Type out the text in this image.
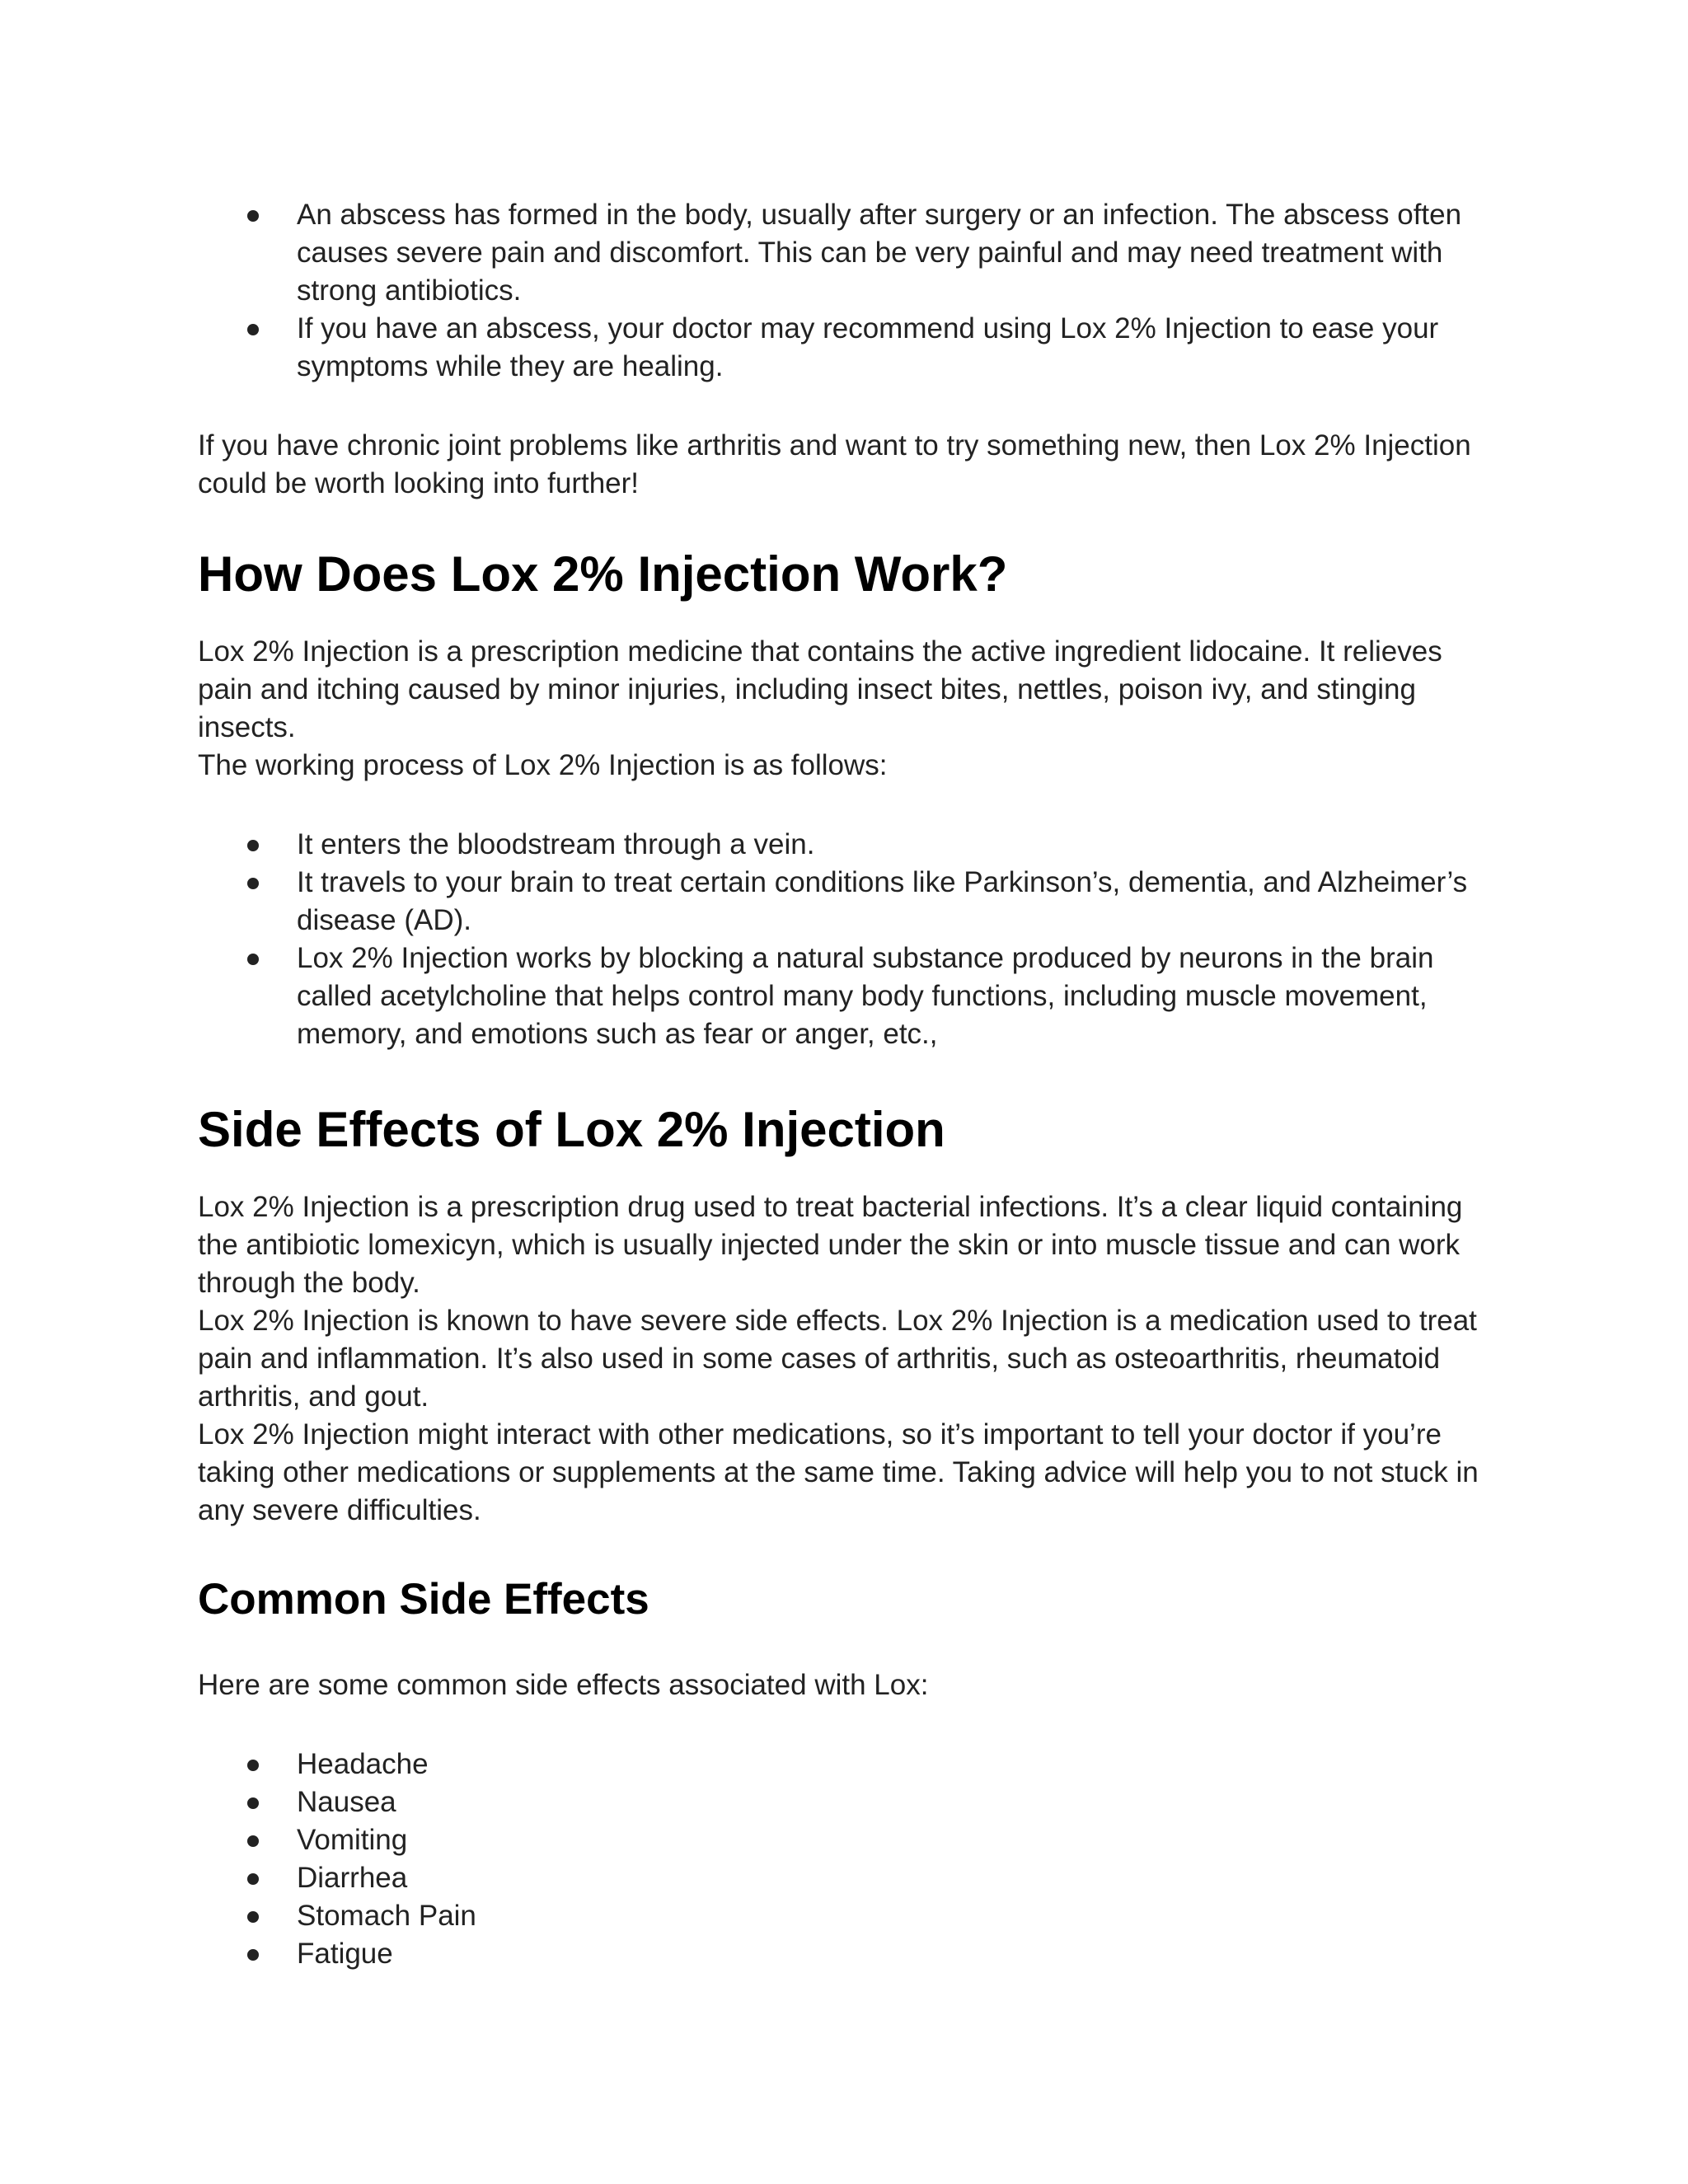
An abscess has formed in the body, usually after surgery or an infection. The abscess often causes severe pain and discomfort. This can be very painful and may need treatment with strong antibiotics.
If you have an abscess, your doctor may recommend using Lox 2% Injection to ease your symptoms while they are healing.

If you have chronic joint problems like arthritis and want to try something new, then Lox 2% Injection could be worth looking into further!

How Does Lox 2% Injection Work?

Lox 2% Injection is a prescription medicine that contains the active ingredient lidocaine. It relieves pain and itching caused by minor injuries, including insect bites, nettles, poison ivy, and stinging insects.

The working process of Lox 2% Injection is as follows:

It enters the bloodstream through a vein.
It travels to your brain to treat certain conditions like Parkinson’s, dementia, and Alzheimer’s disease (AD).
Lox 2% Injection works by blocking a natural substance produced by neurons in the brain called acetylcholine that helps control many body functions, including muscle movement, memory, and emotions such as fear or anger, etc.,
Side Effects of Lox 2% Injection

Lox 2% Injection is a prescription drug used to treat bacterial infections. It’s a clear liquid containing the antibiotic lomexicyn, which is usually injected under the skin or into muscle tissue and can work through the body.

Lox 2% Injection is known to have severe side effects. Lox 2% Injection is a medication used to treat pain and inflammation. It’s also used in some cases of arthritis, such as osteoarthritis, rheumatoid arthritis, and gout.

Lox 2% Injection might interact with other medications, so it’s important to tell your doctor if you’re taking other medications or supplements at the same time. Taking advice will help you to not stuck in any severe difficulties.

Common Side Effects

Here are some common side effects associated with Lox:

Headache
Nausea
Vomiting
Diarrhea
Stomach Pain
Fatigue
